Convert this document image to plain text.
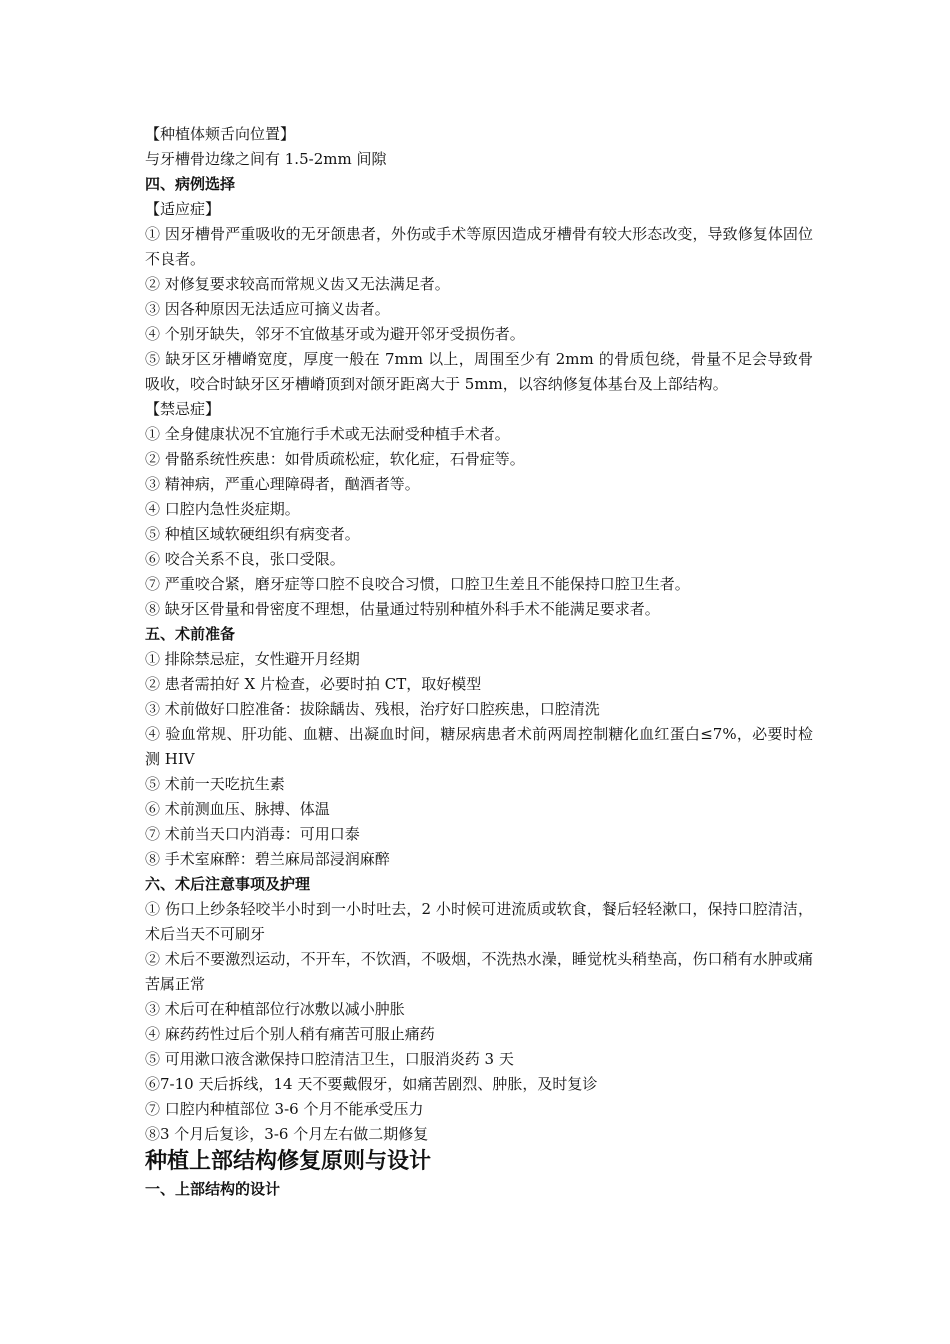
【种植体颊舌向位置】

与牙槽骨边缘之间有 1.5-2mm 间隙

四、病例选择

【适应症】

① 因牙槽骨严重吸收的无牙颌患者，外伤或手术等原因造成牙槽骨有较大形态改变，导致修复体固位不良者。

② 对修复要求较高而常规义齿又无法满足者。

③ 因各种原因无法适应可摘义齿者。

④ 个别牙缺失，邻牙不宜做基牙或为避开邻牙受损伤者。

⑤ 缺牙区牙槽嵴宽度，厚度一般在 7mm 以上，周围至少有 2mm 的骨质包绕，骨量不足会导致骨吸收，咬合时缺牙区牙槽嵴顶到对颌牙距离大于 5mm，以容纳修复体基台及上部结构。

【禁忌症】

① 全身健康状况不宜施行手术或无法耐受种植手术者。

② 骨骼系统性疾患：如骨质疏松症，软化症，石骨症等。

③ 精神病，严重心理障碍者，酗酒者等。

④ 口腔内急性炎症期。

⑤ 种植区域软硬组织有病变者。

⑥ 咬合关系不良，张口受限。

⑦ 严重咬合紧，磨牙症等口腔不良咬合习惯，口腔卫生差且不能保持口腔卫生者。

⑧ 缺牙区骨量和骨密度不理想，估量通过特别种植外科手术不能满足要求者。

五、术前准备

① 排除禁忌症，女性避开月经期

② 患者需拍好 X 片检查，必要时拍 CT，取好模型

③ 术前做好口腔准备：拔除龋齿、残根，治疗好口腔疾患，口腔清洗

④ 验血常规、肝功能、血糖、出凝血时间，糖尿病患者术前两周控制糖化血红蛋白≤7%，必要时检测 HIV

⑤ 术前一天吃抗生素

⑥ 术前测血压、脉搏、体温

⑦ 术前当天口内消毒：可用口泰

⑧ 手术室麻醉：碧兰麻局部浸润麻醉

六、术后注意事项及护理

① 伤口上纱条轻咬半小时到一小时吐去，2 小时候可进流质或软食，餐后轻轻漱口，保持口腔清洁，术后当天不可刷牙

② 术后不要激烈运动，不开车，不饮酒，不吸烟，不洗热水澡，睡觉枕头稍垫高，伤口稍有水肿或痛苦属正常

③ 术后可在种植部位行冰敷以减小肿胀

④ 麻药药性过后个别人稍有痛苦可服止痛药

⑤ 可用漱口液含漱保持口腔清洁卫生，口服消炎药 3 天

⑥7-10 天后拆线，14 天不要戴假牙，如痛苦剧烈、肿胀，及时复诊

⑦ 口腔内种植部位 3-6 个月不能承受压力

⑧3 个月后复诊，3-6 个月左右做二期修复

种植上部结构修复原则与设计

一、上部结构的设计
